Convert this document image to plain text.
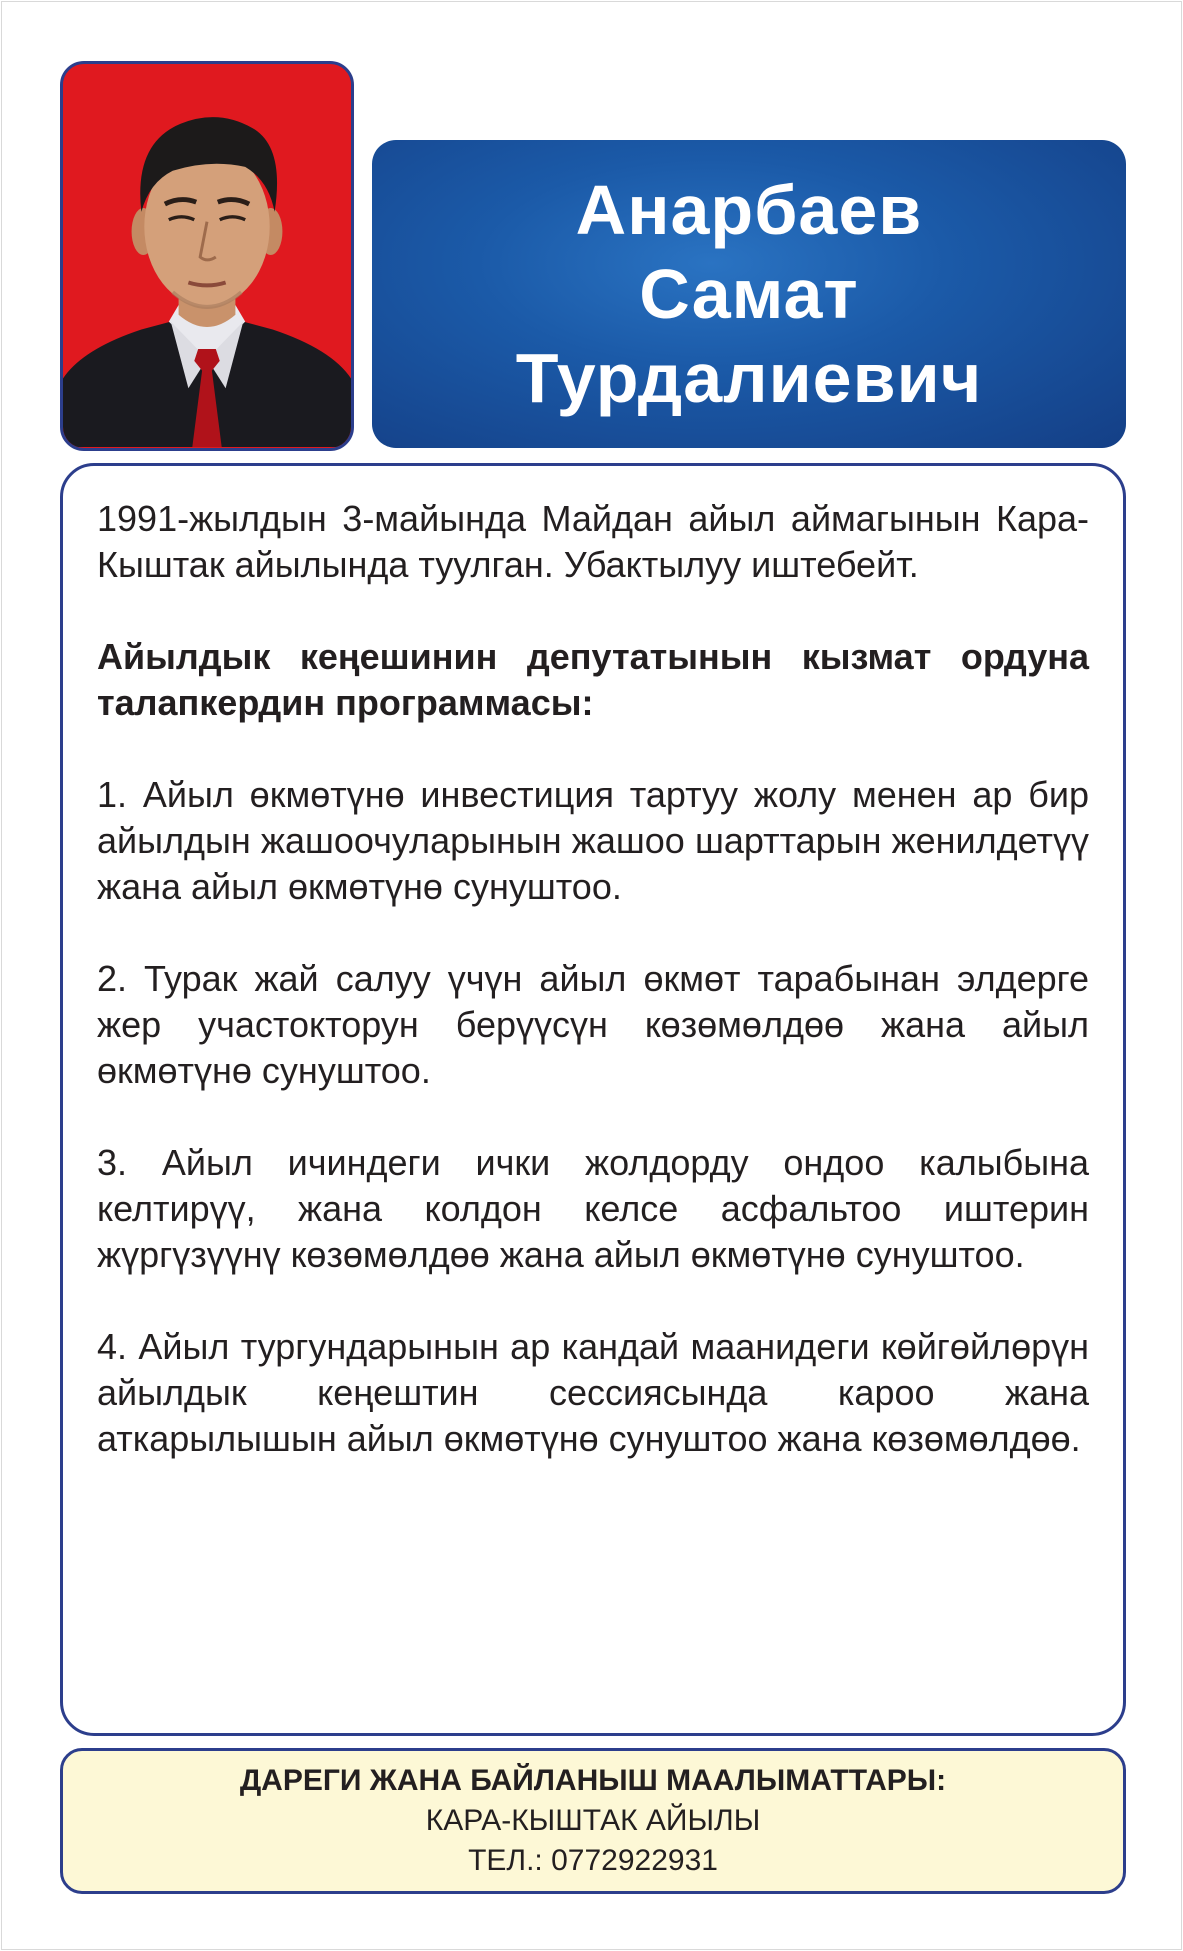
Анарбаев
Самат
Турдалиевич

1991-жылдын 3-майында Майдан айыл аймагынын Кара-Кыштак айылында туулган. Убактылуу иштебейт.

Айылдык кеңешинин депутатынын кызмат ордуна талапкердин программасы:

1. Айыл өкмөтүнө инвестиция тартуу жолу менен ар бир айылдын жашоочуларынын жашоо шарттарын женилдетүү жана айыл өкмөтүнө сунуштоо.

2. Турак жай салуу үчүн айыл өкмөт тарабынан элдерге жер участокторун берүүсүн көзөмөлдөө жана айыл өкмөтүнө сунуштоо.

3. Айыл ичиндеги ички жолдорду ондоо калыбына келтирүү, жана колдон келсе асфальтоо иштерин жүргүзүүнү көзөмөлдөө жана айыл өкмөтүнө сунуштоо.

4. Айыл тургундарынын ар кандай маанидеги көйгөйлөрүн айылдык кеңештин сессиясында кароо жана аткарылышын айыл өкмөтүнө сунуштоо жана көзөмөлдөө.

ДАРЕГИ ЖАНА БАЙЛАНЫШ МААЛЫМАТТАРЫ:
КАРА-КЫШТАК АЙЫЛЫ
ТЕЛ.: 0772922931
